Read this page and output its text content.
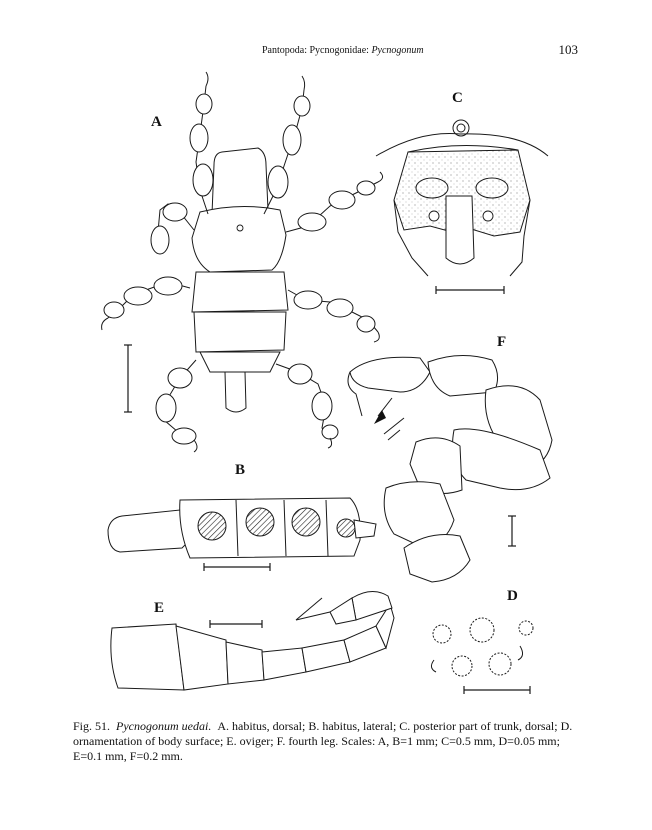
Pantopoda: Pycnogonidae: Pycnogonum	103
A
C
F
B
E
D
Fig. 51. Pycnogonum uedai. A. habitus, dorsal; B. habitus, lateral; C. posterior part of trunk, dorsal; D. ornamentation of body surface; E. oviger; F. fourth leg. Scales: A, B=1 mm; C=0.5 mm, D=0.05 mm; E=0.1 mm, F=0.2 mm.
